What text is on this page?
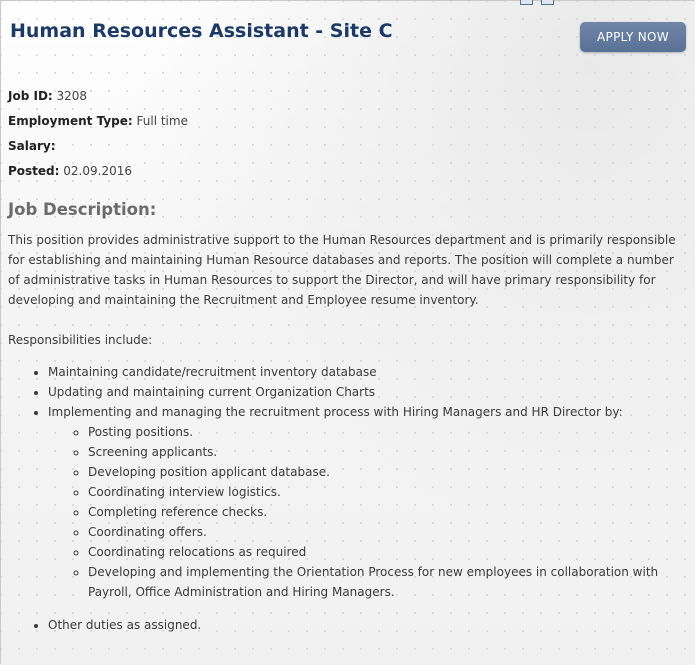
Human Resources Assistant - Site C	APPLY NOW
Job ID: 3208
Employment Type: Full time
Salary:
Posted: 02.09.2016
Job Description:

This position provides administrative support to the Human Resources department and is primarily responsible for establishing and maintaining Human Resource databases and reports. The position will complete a number of administrative tasks in Human Resources to support the Director, and will have primary responsibility for developing and maintaining the Recruitment and Employee resume inventory.

Responsibilities include:

• Maintaining candidate/recruitment inventory database
• Updating and maintaining current Organization Charts
• Implementing and managing the recruitment process with Hiring Managers and HR Director by:
◦ Posting positions.
◦ Screening applicants.
◦ Developing position applicant database.
◦ Coordinating interview logistics.
◦ Completing reference checks.
◦ Coordinating offers.
◦ Coordinating relocations as required
◦ Developing and implementing the Orientation Process for new employees in collaboration with Payroll, Office Administration and Hiring Managers.
• Other duties as assigned.
